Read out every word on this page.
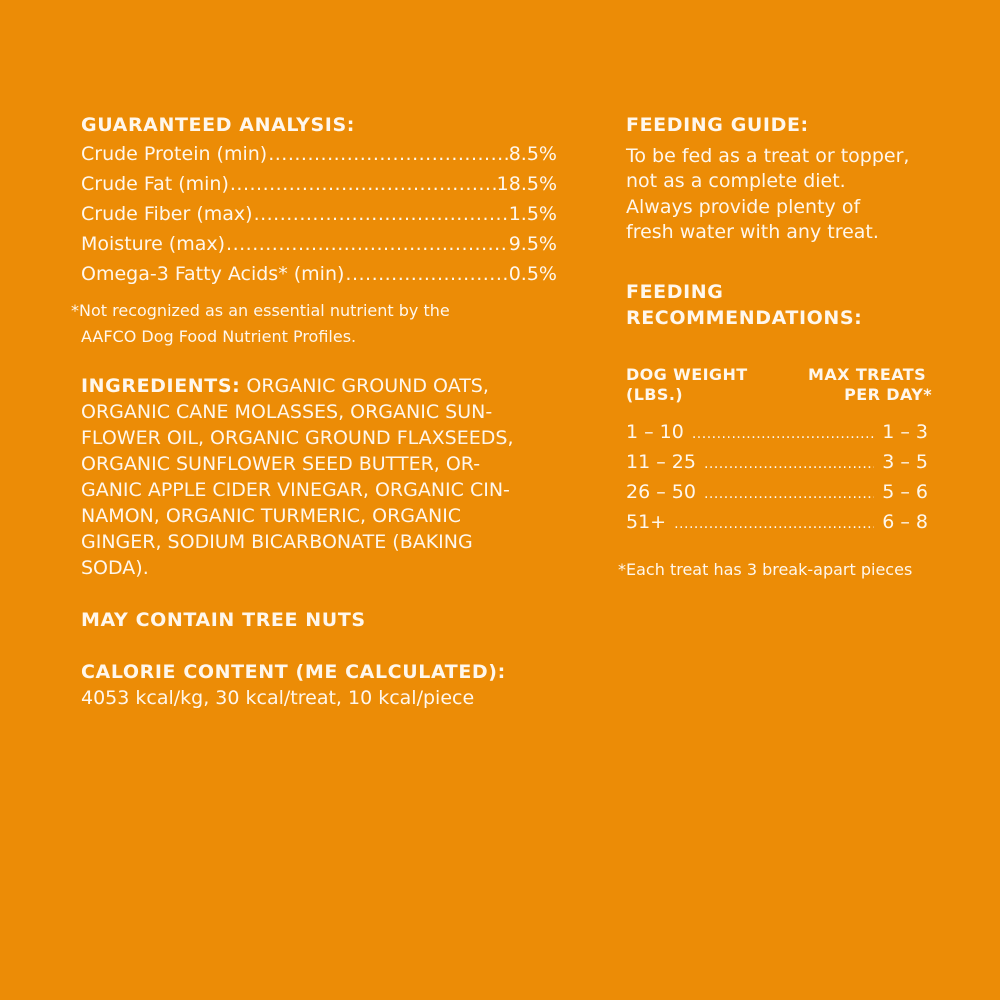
GUARANTEED ANALYSIS:
Crude Protein (min) .....	8.5%
Crude Fat (min) .....	18.5%
Crude Fiber (max) .....	1.5%
Moisture (max) .....	9.5%
Omega-3 Fatty Acids* (min) .....	0.5%
*Not recognized as an essential nutrient by the
AAFCO Dog Food Nutrient Profiles.
INGREDIENTS: ORGANIC GROUND OATS,
ORGANIC CANE MOLASSES, ORGANIC SUN-
FLOWER OIL, ORGANIC GROUND FLAXSEEDS,
ORGANIC SUNFLOWER SEED BUTTER, OR-
GANIC APPLE CIDER VINEGAR, ORGANIC CIN-
NAMON, ORGANIC TURMERIC, ORGANIC
GINGER, SODIUM BICARBONATE (BAKING
SODA).
MAY CONTAIN TREE NUTS
CALORIE CONTENT (ME CALCULATED):
4053 kcal/kg, 30 kcal/treat, 10 kcal/piece
FEEDING GUIDE:
To be fed as a treat or topper,
not as a complete diet.
Always provide plenty of
fresh water with any treat.
FEEDING
RECOMMENDATIONS:
DOG WEIGHT
(LBS.)
MAX TREATS
PER DAY*
1 – 10 .....	1 – 3
11 – 25 .....	3 – 5
26 – 50 .....	5 – 6
51+ .....	6 – 8
*Each treat has 3 break-apart pieces
